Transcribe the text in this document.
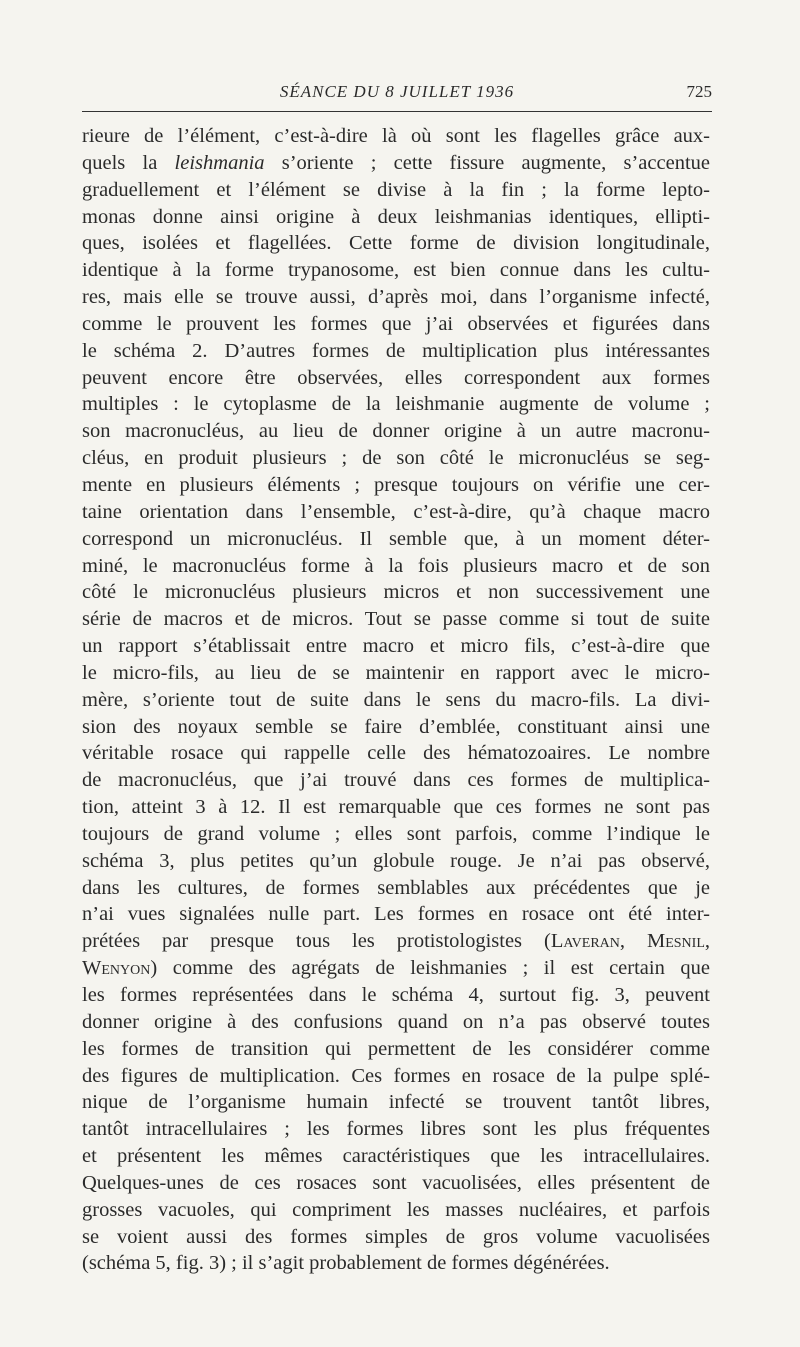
SÉANCE DU 8 JUILLET 1936	725
rieure de l’élément, c’est-à-dire là où sont les flagelles grâce aux-
quels la leishmania s’oriente ; cette fissure augmente, s’accentue
graduellement et l’élément se divise à la fin ; la forme lepto-
monas donne ainsi origine à deux leishmanias identiques, ellipti-
ques, isolées et flagellées. Cette forme de division longitudinale,
identique à la forme trypanosome, est bien connue dans les cultu-
res, mais elle se trouve aussi, d’après moi, dans l’organisme infecté,
comme le prouvent les formes que j’ai observées et figurées dans
le schéma 2. D’autres formes de multiplication plus intéressantes
peuvent encore être observées, elles correspondent aux formes
multiples : le cytoplasme de la leishmanie augmente de volume ;
son macronucléus, au lieu de donner origine à un autre macronu-
cléus, en produit plusieurs ; de son côté le micronucléus se seg-
mente en plusieurs éléments ; presque toujours on vérifie une cer-
taine orientation dans l’ensemble, c’est-à-dire, qu’à chaque macro
correspond un micronucléus. Il semble que, à un moment déter-
miné, le macronucléus forme à la fois plusieurs macro et de son
côté le micronucléus plusieurs micros et non successivement une
série de macros et de micros. Tout se passe comme si tout de suite
un rapport s’établissait entre macro et micro fils, c’est-à-dire que
le micro-fils, au lieu de se maintenir en rapport avec le micro-
mère, s’oriente tout de suite dans le sens du macro-fils. La divi-
sion des noyaux semble se faire d’emblée, constituant ainsi une
véritable rosace qui rappelle celle des hématozoaires. Le nombre
de macronucléus, que j’ai trouvé dans ces formes de multiplica-
tion, atteint 3 à 12. Il est remarquable que ces formes ne sont pas
toujours de grand volume ; elles sont parfois, comme l’indique le
schéma 3, plus petites qu’un globule rouge. Je n’ai pas observé,
dans les cultures, de formes semblables aux précédentes que je
n’ai vues signalées nulle part. Les formes en rosace ont été inter-
prétées par presque tous les protistologistes (Laveran, Mesnil,
Wenyon) comme des agrégats de leishmanies ; il est certain que
les formes représentées dans le schéma 4, surtout fig. 3, peuvent
donner origine à des confusions quand on n’a pas observé toutes
les formes de transition qui permettent de les considérer comme
des figures de multiplication. Ces formes en rosace de la pulpe splé-
nique de l’organisme humain infecté se trouvent tantôt libres,
tantôt intracellulaires ; les formes libres sont les plus fréquentes
et présentent les mêmes caractéristiques que les intracellulaires.
Quelques-unes de ces rosaces sont vacuolisées, elles présentent de
grosses vacuoles, qui compriment les masses nucléaires, et parfois
se voient aussi des formes simples de gros volume vacuolisées
(schéma 5, fig. 3) ; il s’agit probablement de formes dégénérées.
